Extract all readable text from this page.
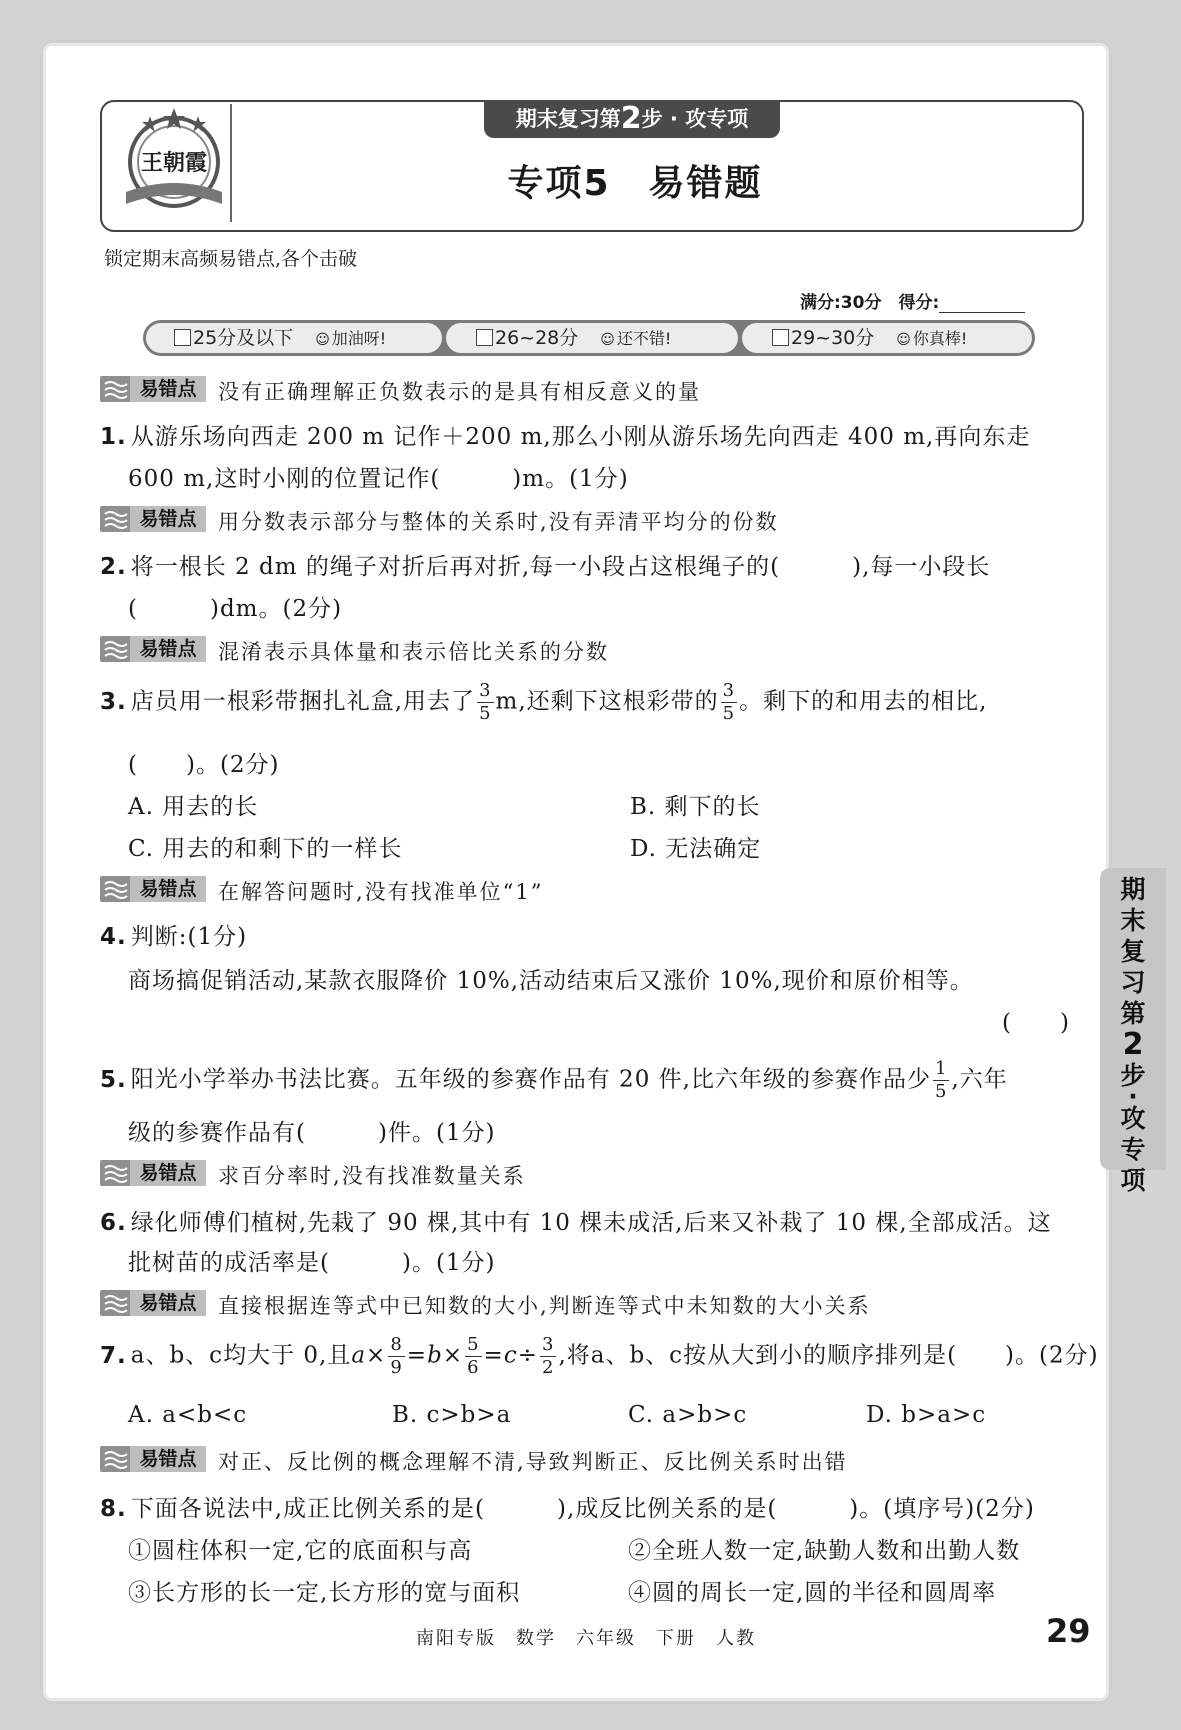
王朝霞
期末复习第2步 · 攻专项
专项5　易错题
锁定期末高频易错点,各个击破
满分:30分　 得分:
25分及以下 ☺ 加油呀!	26~28分 ☺ 还不错!	29~30分 ☺ 你真棒!
易错点	没有正确理解正负数表示的是具有相反意义的量
1. 从游乐场向西走 200 m 记作＋200 m,那么小刚从游乐场先向西走 400 m,再向东走
600 m,这时小刚的位置记作(　　　)m。(1分)
易错点	用分数表示部分与整体的关系时,没有弄清平均分的份数
2. 将一根长 2 dm 的绳子对折后再对折,每一小段占这根绳子的(　　　),每一小段长
(　　　)dm。(2分)
易错点	混淆表示具体量和表示倍比关系的分数
3. 店员用一根彩带捆扎礼盒,用去了 $\frac{3}{5} m$,还剩下这根彩带的 $\frac{3}{5}$ 。剩下的和用去的相比,
(　　)。(2分)
A. 用去的长	B. 剩下的长
C. 用去的和剩下的一样长	D. 无法确定
易错点	在解答问题时,没有找准单位“1”
4. 判断:(1分)
商场搞促销活动,某款衣服降价 10%,活动结束后又涨价 10%,现价和原价相等。
(　　)
5. 阳光小学举办书法比赛。五年级的参赛作品有 20 件,比六年级的参赛作品少 $\frac{1}{5}$ ,六年
级的参赛作品有(　　　)件。(1分)
易错点	求百分率时,没有找准数量关系
6. 绿化师傅们植树,先栽了 90 棵,其中有 10 棵未成活,后来又补栽了 10 棵,全部成活。这
批树苗的成活率是(　　　)。(1分)
易错点	直接根据连等式中已知数的大小,判断连等式中未知数的大小关系
7. a、b、c均大于 0,且$a\times \frac{8}{9} =b\times \frac{5}{6} =c\div \frac{3}{2}$ ,将a、b、c按从大到小的顺序排列是(　　)。(2分)
A. a<b<c	B. c>b>a	C. a>b>c	D. b>a>c
易错点	对正、反比例的概念理解不清,导致判断正、反比例关系时出错
8. 下面各说法中,成正比例关系的是(　　　),成反比例关系的是(　　　)。(填序号)(2分)
①圆柱体积一定,它的底面积与高	②全班人数一定,缺勤人数和出勤人数
③长方形的长一定,长方形的宽与面积	④圆的周长一定,圆的半径和圆周率
期
末
复
习
第
2
步
·
攻
专
项
南阳专版　数学　六年级　下册　人教	29
